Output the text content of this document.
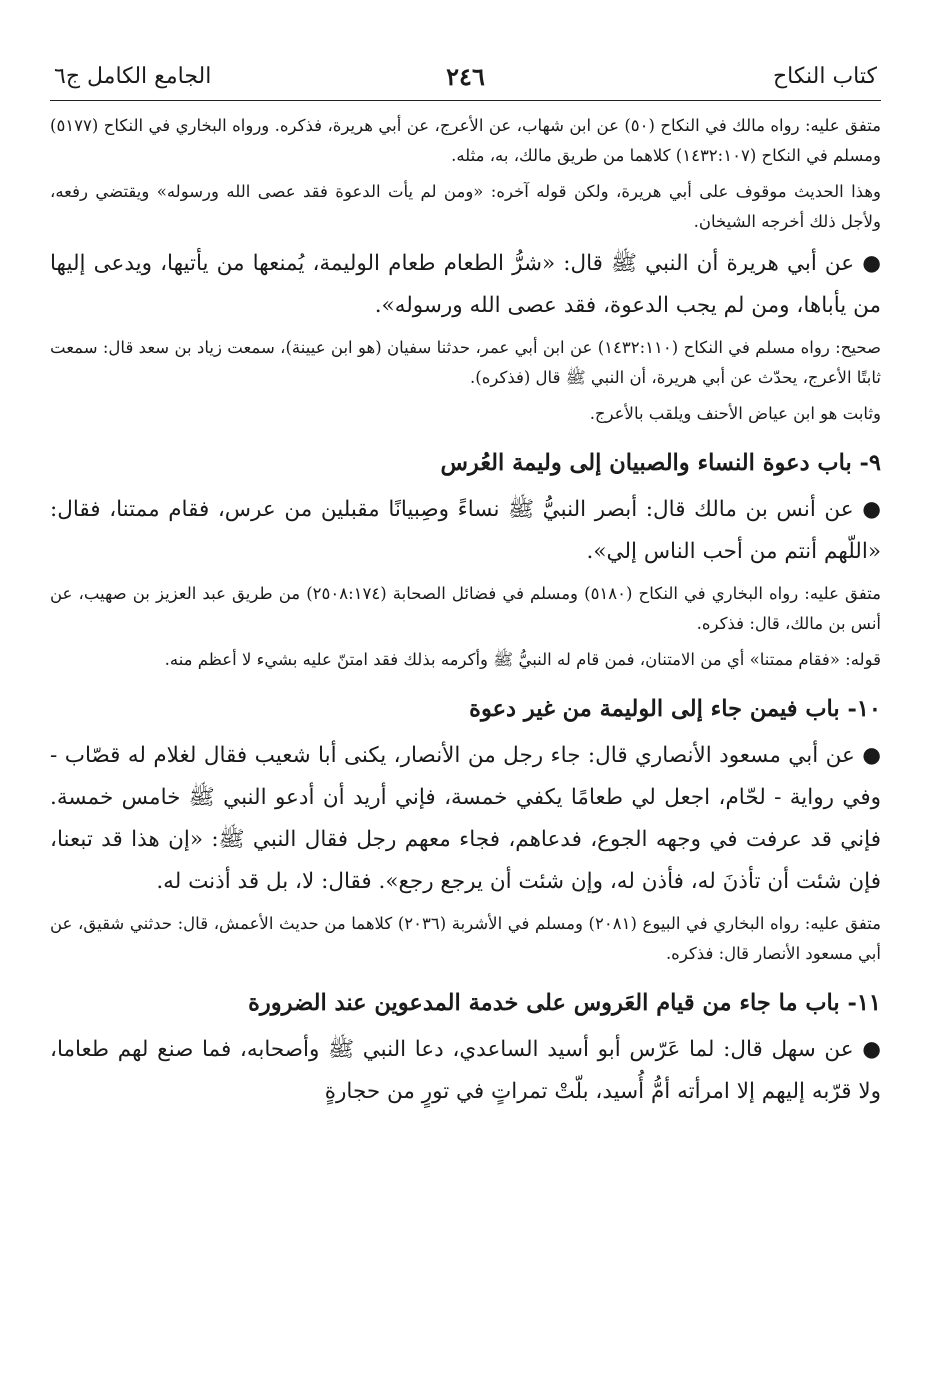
كتاب النكاح
٢٤٦
الجامع الكامل ج٦

متفق عليه: رواه مالك في النكاح (٥٠) عن ابن شهاب، عن الأعرج، عن أبي هريرة، فذكره. ورواه البخاري في النكاح (٥١٧٧) ومسلم في النكاح (١٤٣٢:١٠٧) كلاهما من طريق مالك، به، مثله.

وهذا الحديث موقوف على أبي هريرة، ولكن قوله آخره: «ومن لم يأت الدعوة فقد عصى الله ورسوله» ويقتضي رفعه، ولأجل ذلك أخرجه الشيخان.

● عن أبي هريرة أن النبي ﷺ قال: «شرُّ الطعام طعام الوليمة، يُمنعها من يأتيها، ويدعى إليها من يأباها، ومن لم يجب الدعوة، فقد عصى الله ورسوله».

صحيح: رواه مسلم في النكاح (١٤٣٢:١١٠) عن ابن أبي عمر، حدثنا سفيان (هو ابن عيينة)، سمعت زياد بن سعد قال: سمعت ثابتًا الأعرج، يحدّث عن أبي هريرة، أن النبي ﷺ قال (فذكره).

وثابت هو ابن عياض الأحنف ويلقب بالأعرج.

٩- باب دعوة النساء والصبيان إلى وليمة العُرس

● عن أنس بن مالك قال: أبصر النبيُّ ﷺ نساءً وصِبيانًا مقبلين من عرس، فقام ممتنا، فقال: «اللّهم أنتم من أحب الناس إلي».

متفق عليه: رواه البخاري في النكاح (٥١٨٠) ومسلم في فضائل الصحابة (٢٥٠٨:١٧٤) من طريق عبد العزيز بن صهيب، عن أنس بن مالك، قال: فذكره.

قوله: «فقام ممتنا» أي من الامتنان، فمن قام له النبيُّ ﷺ وأكرمه بذلك فقد امتنّ عليه بشيء لا أعظم منه.

١٠- باب فيمن جاء إلى الوليمة من غير دعوة

● عن أبي مسعود الأنصاري قال: جاء رجل من الأنصار، يكنى أبا شعيب فقال لغلام له قصّاب - وفي رواية - لحّام، اجعل لي طعامًا يكفي خمسة، فإني أريد أن أدعو النبي ﷺ خامس خمسة. فإني قد عرفت في وجهه الجوع، فدعاهم، فجاء معهم رجل فقال النبي ﷺ: «إن هذا قد تبعنا، فإن شئت أن تأذنَ له، فأذن له، وإن شئت أن يرجع رجع». فقال: لا، بل قد أذنت له.

متفق عليه: رواه البخاري في البيوع (٢٠٨١) ومسلم في الأشربة (٢٠٣٦) كلاهما من حديث الأعمش، قال: حدثني شقيق، عن أبي مسعود الأنصار قال: فذكره.

١١- باب ما جاء من قيام العَروس على خدمة المدعوين عند الضرورة

● عن سهل قال: لما عَرّس أبو أسيد الساعدي، دعا النبي ﷺ وأصحابه، فما صنع لهم طعاما، ولا قرّبه إليهم إلا امرأته أمُّ أُسيد، بلّتْ تمراتٍ في تورٍ من حجارةٍ
